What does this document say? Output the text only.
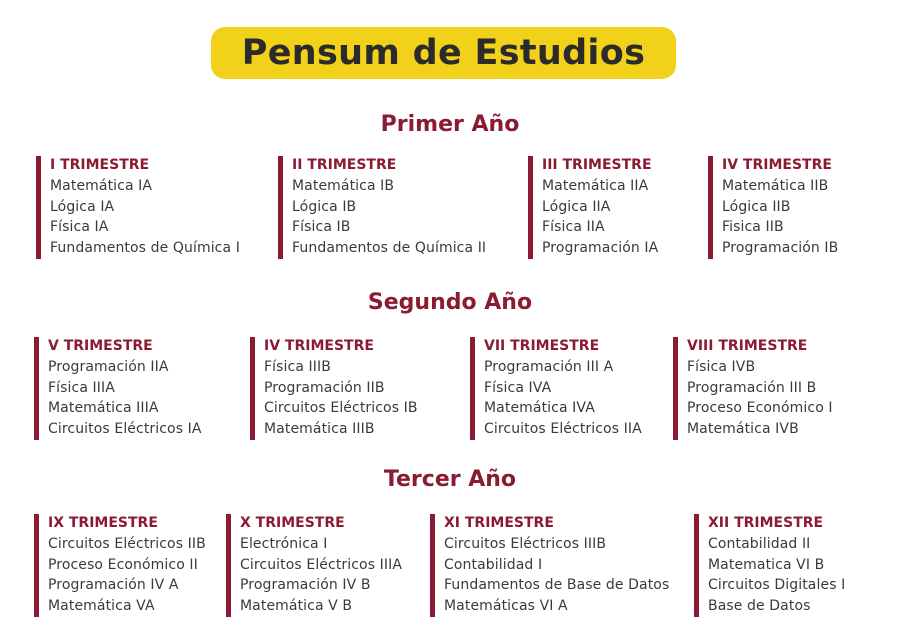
Pensum de Estudios
Primer Año
I TRIMESTRE
Matemática IA
Lógica IA
Física IA
Fundamentos de Química I
II TRIMESTRE
Matemática IB
Lógica IB
Física IB
Fundamentos de Química II
III TRIMESTRE
Matemática IIA
Lógica IIA
Física IIA
Programación IA
IV TRIMESTRE
Matemática IIB
Lógica IIB
Fisica IIB
Programación IB
Segundo Año
V TRIMESTRE
Programación IIA
Física IIIA
Matemática IIIA
Circuitos Eléctricos IA
IV TRIMESTRE
Física IIIB
Programación IIB
Circuitos Eléctricos IB
Matemática IIIB
VII TRIMESTRE
Programación III A
Física IVA
Matemática IVA
Circuitos Eléctricos IIA
VIII TRIMESTRE
Física IVB
Programación III B
Proceso Económico I
Matemática IVB
Tercer Año
IX TRIMESTRE
Circuitos Eléctricos IIB
Proceso Económico II
Programación IV A
Matemática VA
X TRIMESTRE
Electrónica I
Circuitos Eléctricos IIIA
Programación IV B
Matemática V B
XI TRIMESTRE
Circuitos Eléctricos IIIB
Contabilidad I
Fundamentos de Base de Datos
Matemáticas VI A
XII TRIMESTRE
Contabilidad II
Matematica VI B
Circuitos Digitales I
Base de Datos
